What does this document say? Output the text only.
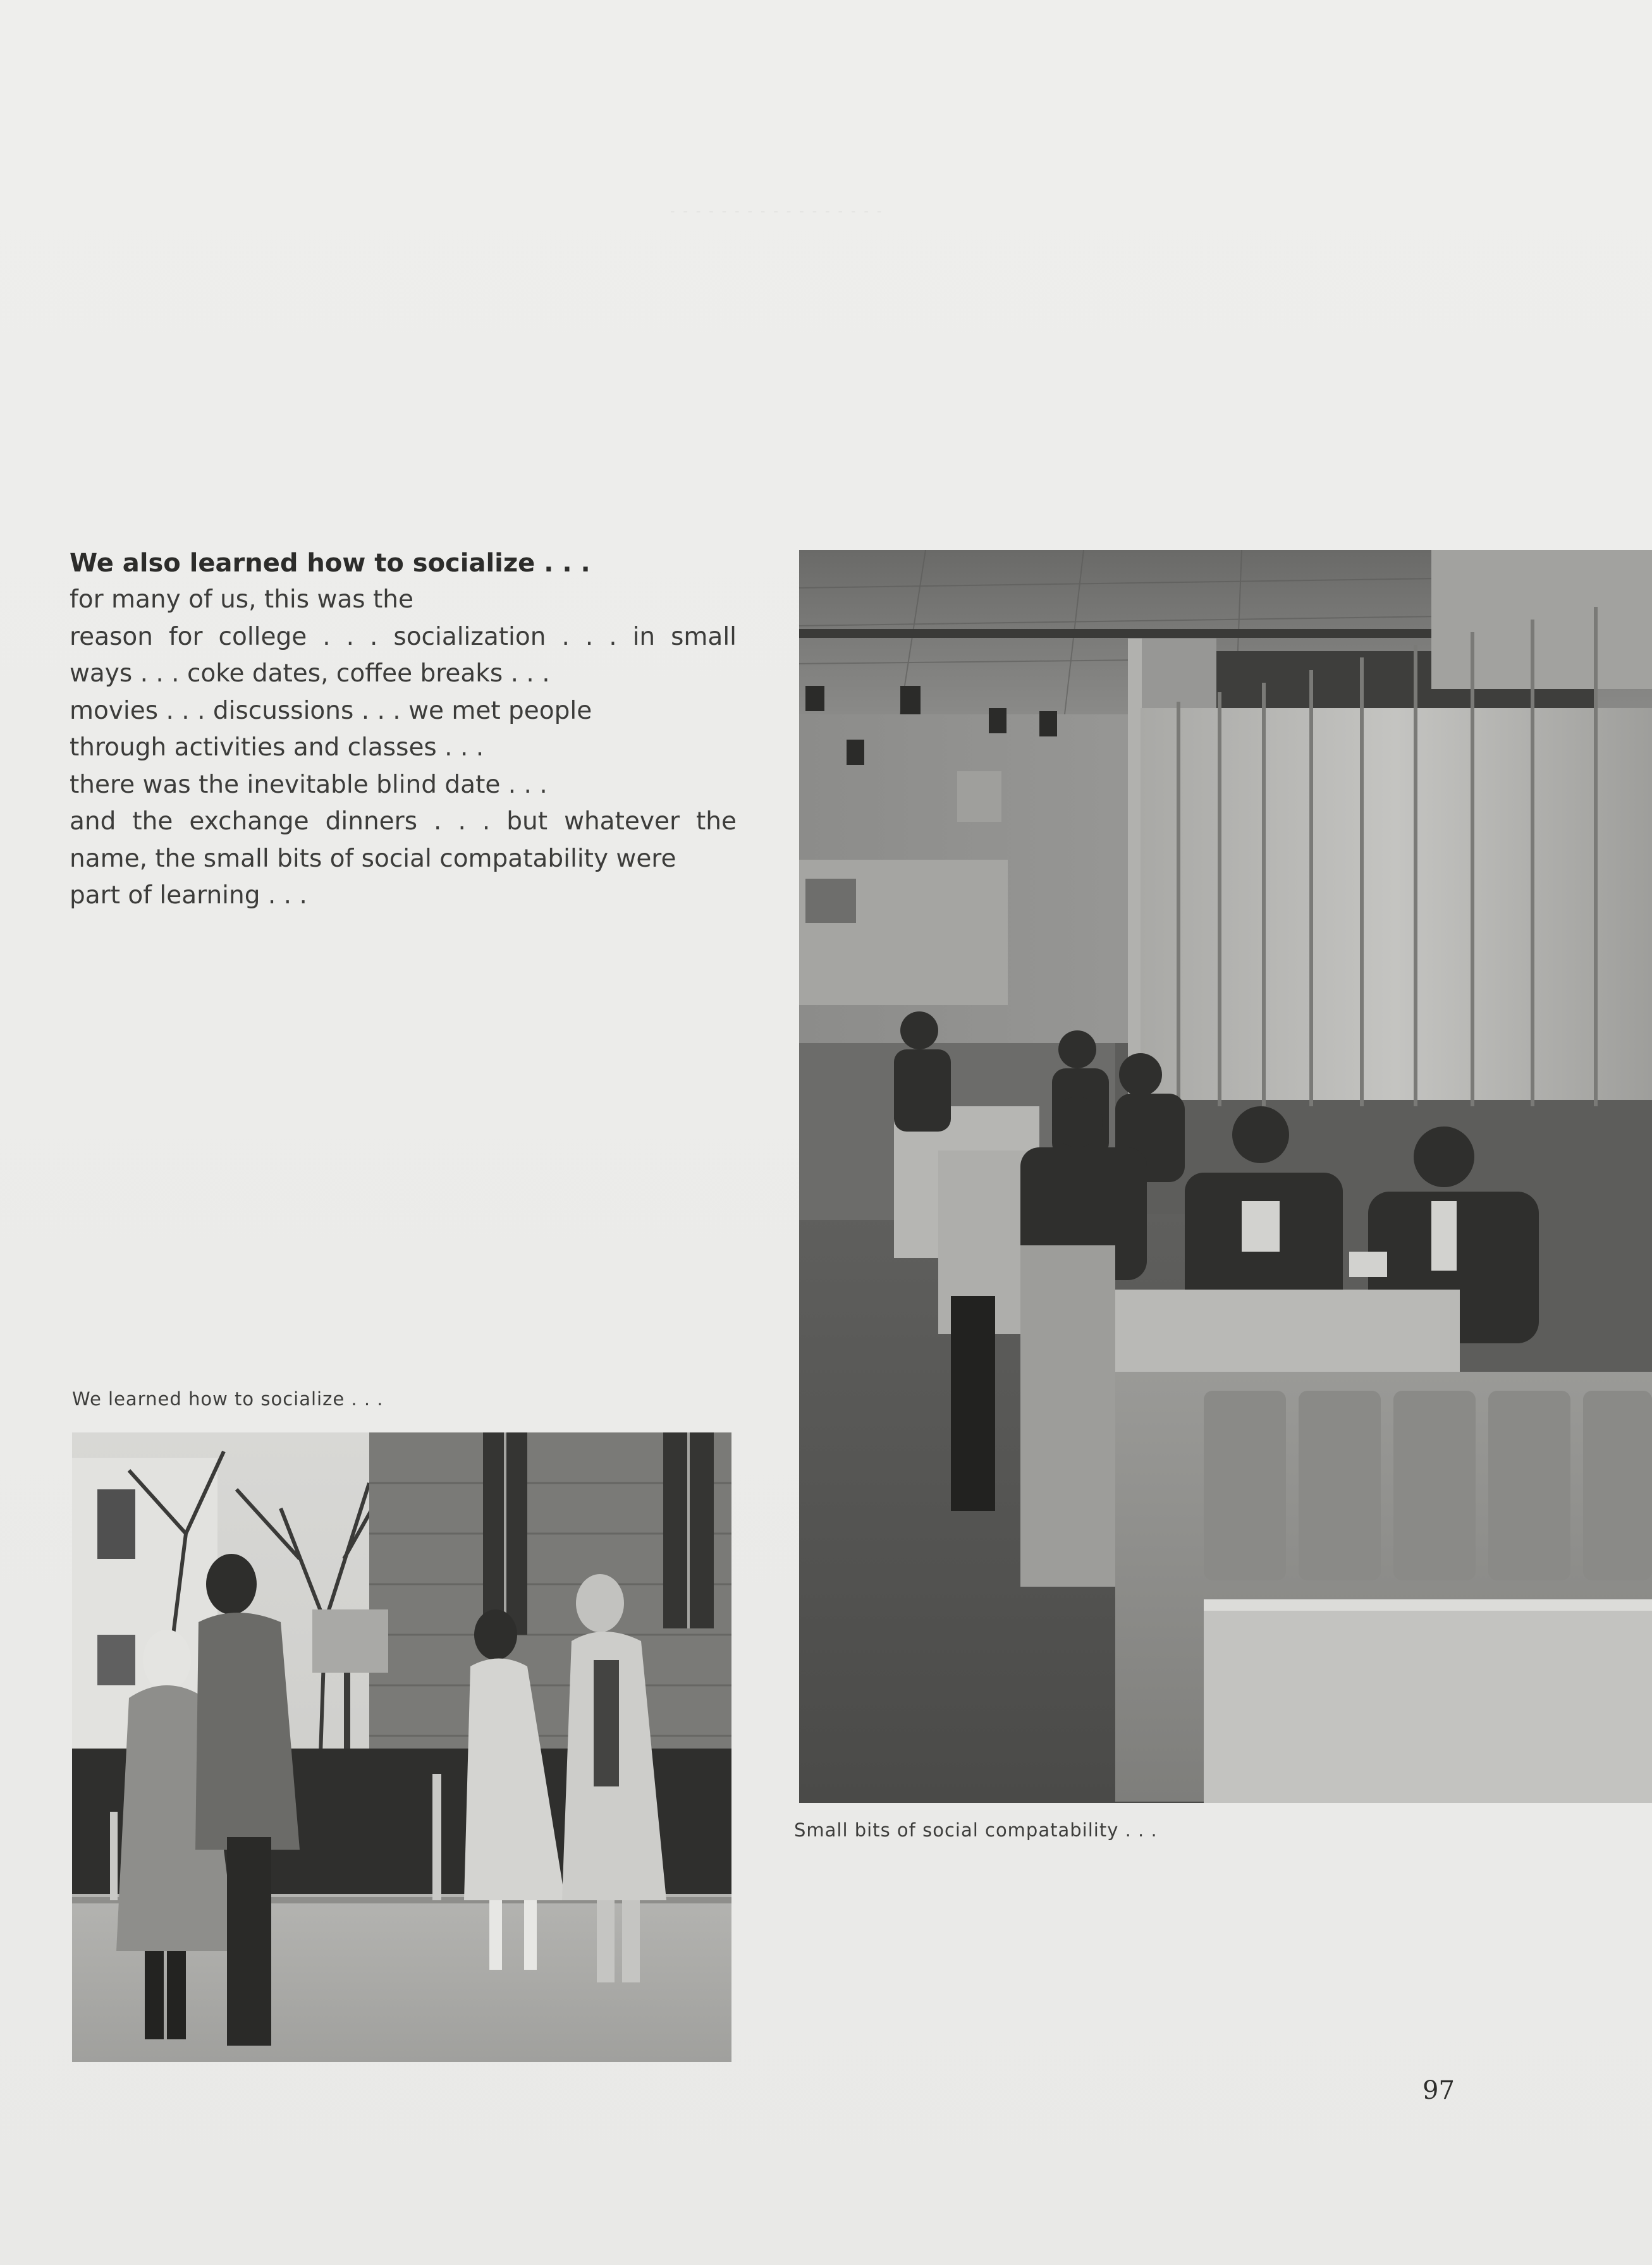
- - - - - - - - - - - - - - - - -
We also learned how to socialize . . .
for many of us, this was the
reason for college . . . socialization . . . in small
ways . . . coke dates, coffee breaks . . .
movies . . . discussions . . . we met people
through activities and classes . . .
there was the inevitable blind date . . .
and the exchange dinners . . . but whatever the
name, the small bits of social compatability were
part of learning . . .
We learned how to socialize . . .
Small bits of social compatability . . .
97
